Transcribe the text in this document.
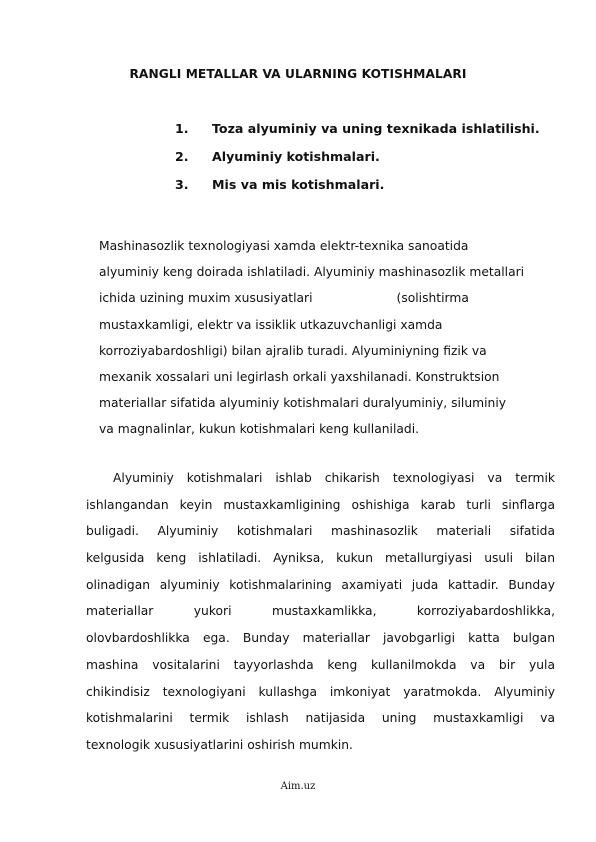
RANGLI METALLAR VA ULARNING KOTISHMALARI
1. Toza alyuminiy va uning texnikada ishlatilishi.
2. Alyuminiy kotishmalari.
3. Mis va mis kotishmalari.
Mashinasozlik texnologiyasi xamda elektr-texnika sanoatida
alyuminiy keng doirada ishlatiladi. Alyuminiy mashinasozlik metallari
ichida uzining muxim xususiyatlari	(solishtirma
mustaxkamligi, elektr va issiklik utkazuvchanligi xamda
korroziyabardoshligi) bilan ajralib turadi. Alyuminiyning fizik va
mexanik xossalari uni legirlash orkali yaxshilanadi. Konstruktsion
materiallar sifatida alyuminiy kotishmalari duralyuminiy, siluminiy
va magnalinlar, kukun kotishmalari keng kullaniladi.
Alyuminiy kotishmalari ishlab chikarish texnologiyasi va termik
ishlangandan keyin mustaxkamligining oshishiga karab turli sinflarga
buligadi. Alyuminiy kotishmalari mashinasozlik materiali sifatida
kelgusida keng ishlatiladi. Ayniksa, kukun metallurgiyasi usuli bilan
olinadigan alyuminiy kotishmalarining axamiyati juda kattadir. Bunday
materiallar yukori mustaxkamlikka, korroziyabardoshlikka,
olovbardoshlikka ega. Bunday materiallar javobgarligi katta bulgan
mashina vositalarini tayyorlashda keng kullanilmokda va bir yula
chikindisiz texnologiyani kullashga imkoniyat yaratmokda. Alyuminiy
kotishmalarini termik ishlash natijasida uning mustaxkamligi va
texnologik xususiyatlarini oshirish mumkin.
Aim.uz
